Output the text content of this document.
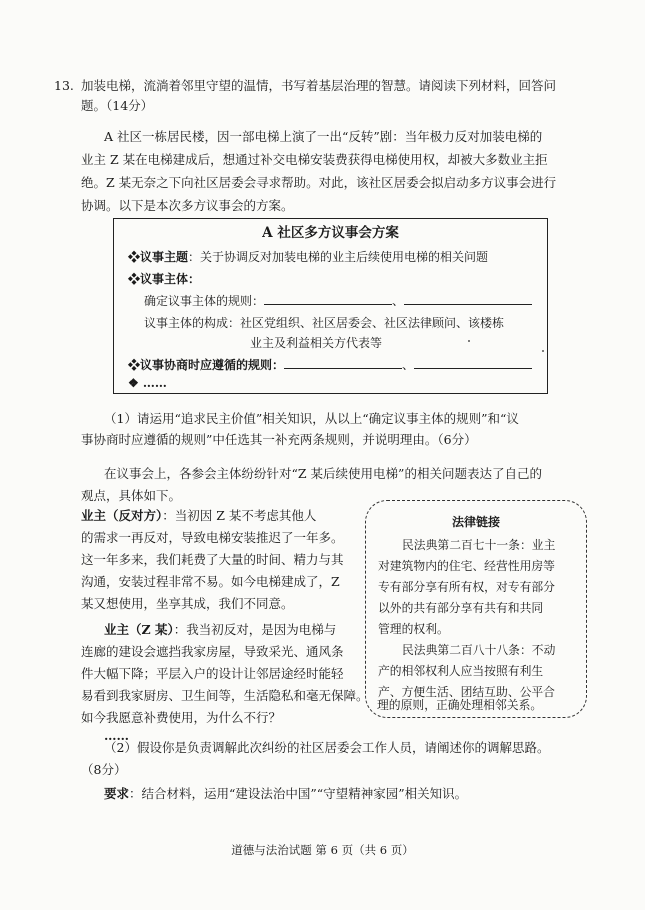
13. 加装电梯，流淌着邻里守望的温情，书写着基层治理的智慧。请阅读下列材料，回答问
题。（14分）
A 社区一栋居民楼，因一部电梯上演了一出“反转”剧：当年极力反对加装电梯的
业主 Z 某在电梯建成后，想通过补交电梯安装费获得电梯使用权，却被大多数业主拒
绝。Z 某无奈之下向社区居委会寻求帮助。对此，该社区居委会拟启动多方议事会进行
协调。以下是本次多方议事会的方案。
A 社区多方议事会方案
❖议事主题：关于协调反对加装电梯的业主后续使用电梯的相关问题
❖议事主体：
确定议事主体的规则：	、
议事主体的构成：社区党组织、社区居委会、社区法律顾问、该楼栋
业主及利益相关方代表等
❖议事协商时应遵循的规则：	、
❖ ……
（1）请运用“追求民主价值”相关知识，从以上“确定议事主体的规则”和“议
事协商时应遵循的规则”中任选其一补充两条规则，并说明理由。（6分）
在议事会上，各参会主体纷纷针对“Z 某后续使用电梯”的相关问题表达了自己的
观点，具体如下。
业主（反对方）：当初因 Z 某不考虑其他人
的需求一再反对，导致电梯安装推迟了一年多。
这一年多来，我们耗费了大量的时间、精力与其
沟通，安装过程非常不易。如今电梯建成了，Z
某又想使用，坐享其成，我们不同意。
业主（Z 某）：我当初反对，是因为电梯与
连廊的建设会遮挡我家房屋，导致采光、通风条
件大幅下降；平层入户的设计让邻居途经时能轻
易看到我家厨房、卫生间等，生活隐私和毫无保障。
如今我愿意补费使用，为什么不行？
……
法律链接
民法典第二百七十一条：业主
对建筑物内的住宅、经营性用房等
专有部分享有所有权，对专有部分
以外的共有部分享有共有和共同
管理的权利。
民法典第二百八十八条：不动
产的相邻权利人应当按照有利生
产、方便生活、团结互助、公平合
理的原则，正确处理相邻关系。
（2）假设你是负责调解此次纠纷的社区居委会工作人员，请阐述你的调解思路。
（8分）
要求：结合材料，运用“建设法治中国”“守望精神家园”相关知识。
道德与法治试题 第 6 页（共 6 页）
